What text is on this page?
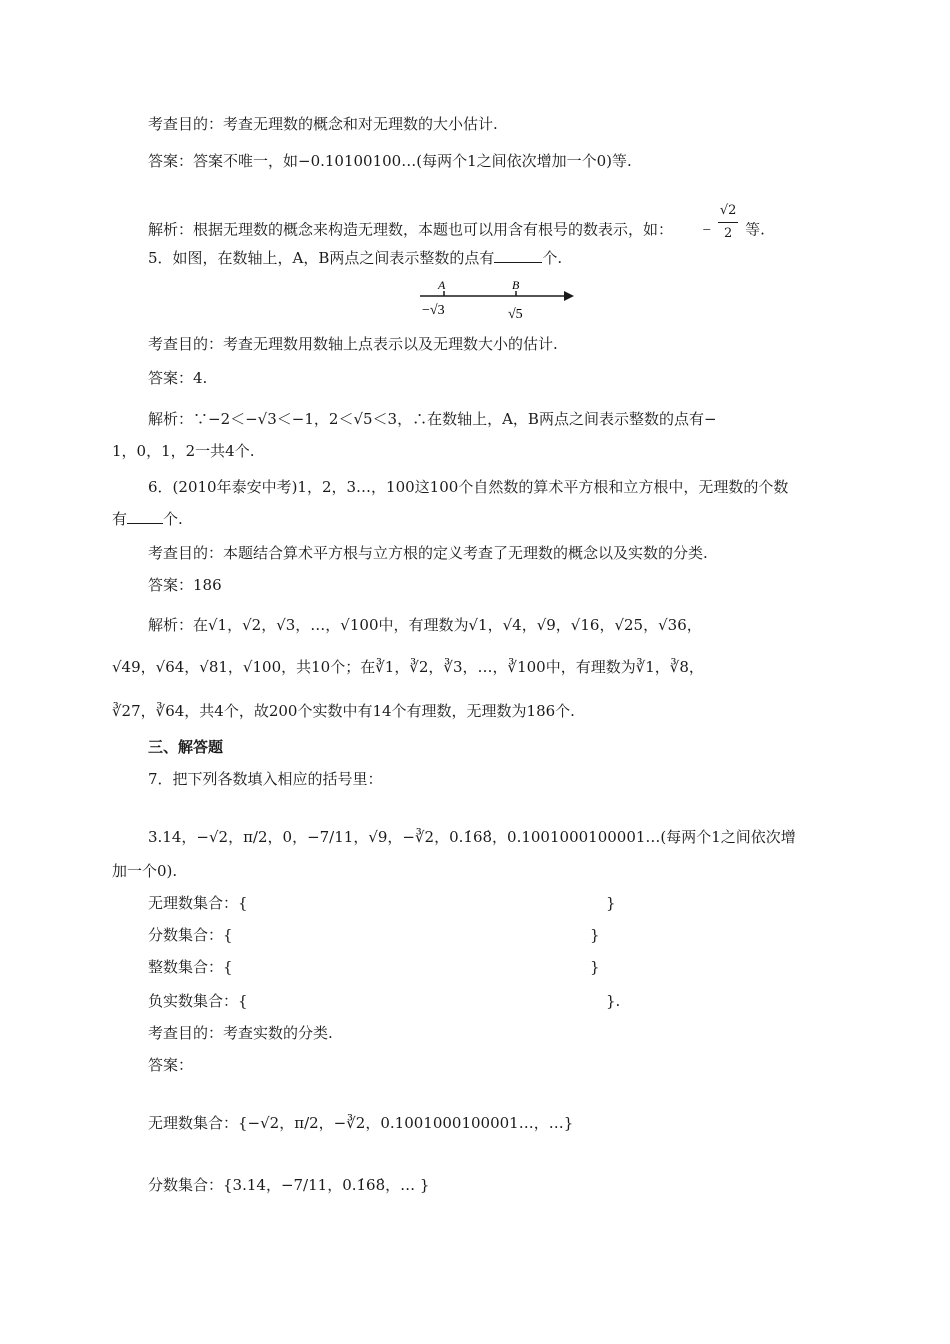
考查目的：考查无理数的概念和对无理数的大小估计.
答案：答案不唯一，如−0.10100100…(每两个1之间依次增加一个0)等.
解析：根据无理数的概念来构造无理数，本题也可以用含有根号的数表示，如： − $\frac{√2}{2}$ 等.
5．如图，在数轴上，A，B两点之间表示整数的点有	个.
A	B
−√3	√5
考查目的：考查无理数用数轴上点表示以及无理数大小的估计.
答案：4.
解析：∵−2＜−√3＜−1，2＜√5＜3，∴在数轴上，A，B两点之间表示整数的点有−
1，0，1，2一共4个.
6．(2010年泰安中考)1，2，3…，100这100个自然数的算术平方根和立方根中，无理数的个数
有 个.
考查目的：本题结合算术平方根与立方根的定义考查了无理数的概念以及实数的分类.
答案：186
解析：在√1，√2，√3，…，√100中，有理数为√1，√4，√9，√16，√25，√36，
√49，√64，√81，√100，共10个；在∛1，∛2，∛3，…，∛100中，有理数为∛1，∛8，
∛27，∛64，共4个，故200个实数中有14个有理数，无理数为186个.
三、解答题
7．把下列各数填入相应的括号里：
3.14，−√2，π/2，0，−7/11，√9，−∛2，0.1̇68̇，0.1001000100001…(每两个1之间依次增
加一个0).
无理数集合：{	}
分数集合：{	}
整数集合：{	}
负实数集合：{	}.
考查目的：考查实数的分类.
答案：
无理数集合：{−√2，π/2，−∛2，0.1001000100001…，…}
分数集合：{3.14，−7/11，0.1̇68̇，… }
